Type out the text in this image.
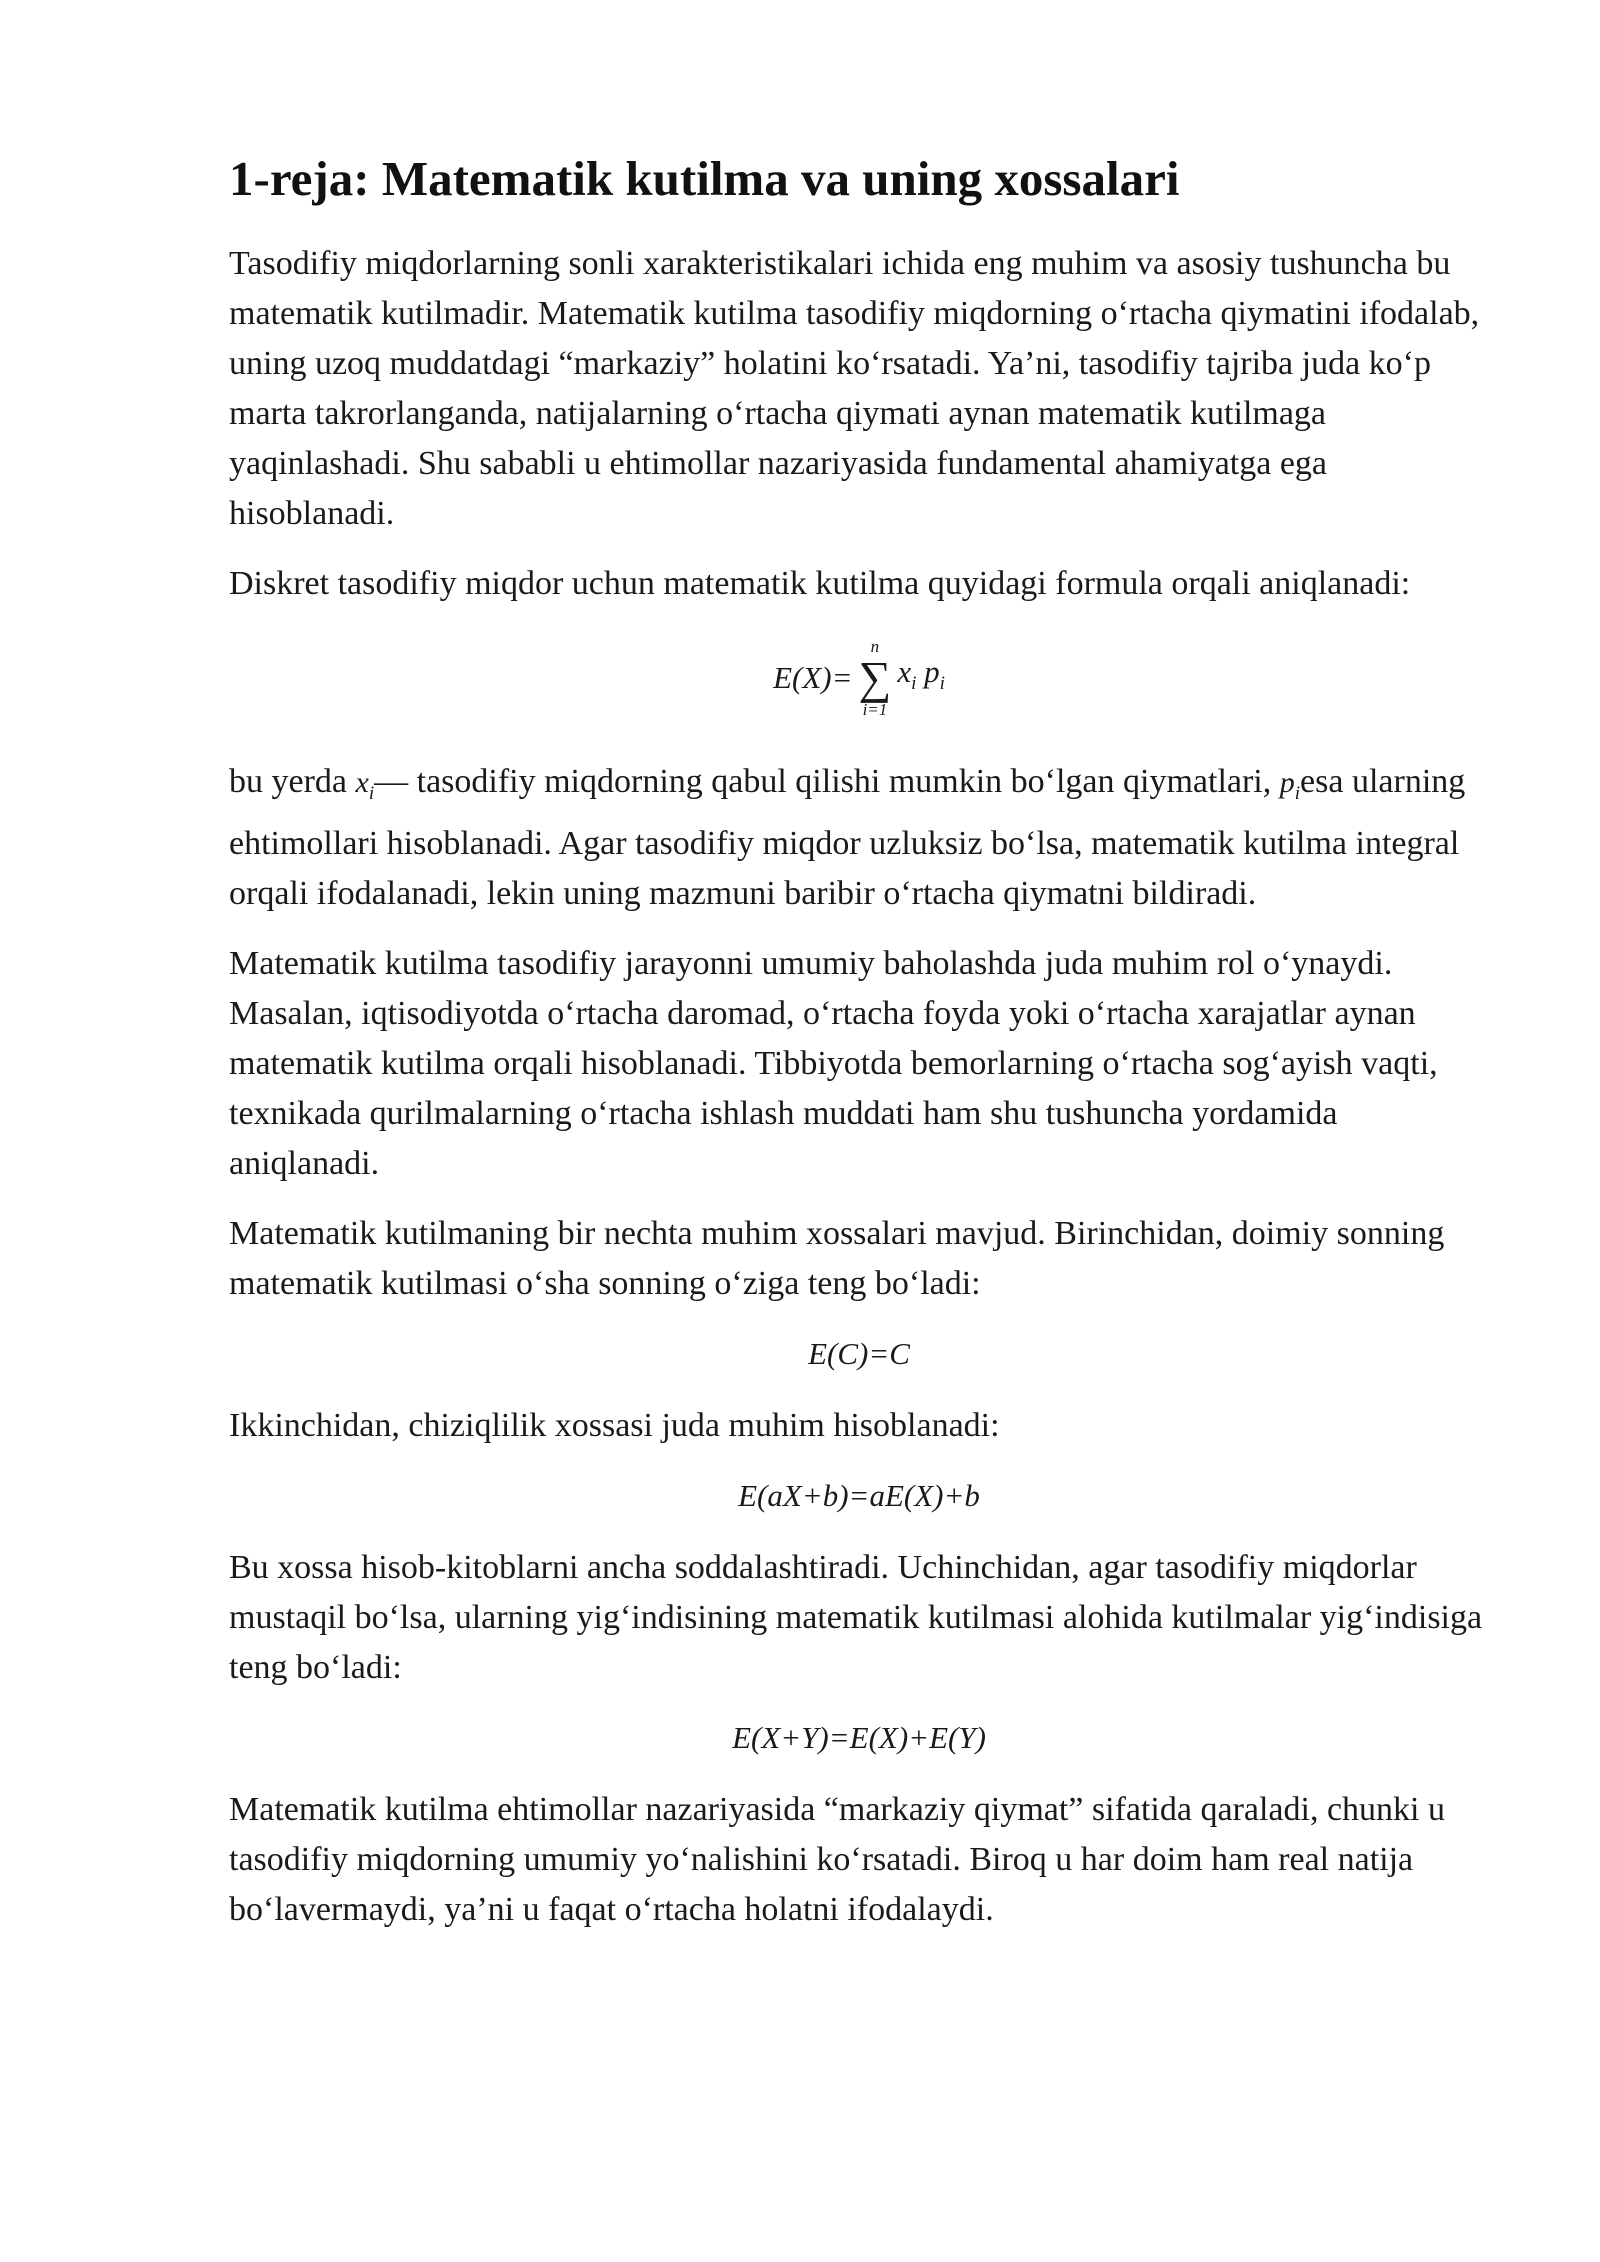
1-reja: Matematik kutilma va uning xossalari

Tasodifiy miqdorlarning sonli xarakteristikalari ichida eng muhim va asosiy tushuncha bu matematik kutilmadir. Matematik kutilma tasodifiy miqdorning o‘rtacha qiymatini ifodalab, uning uzoq muddatdagi “markaziy” holatini ko‘rsatadi. Ya’ni, tasodifiy tajriba juda ko‘p marta takrorlanganda, natijalarning o‘rtacha qiymati aynan matematik kutilmaga yaqinlashadi. Shu sababli u ehtimollar nazariyasida fundamental ahamiyatga ega hisoblanadi.

Diskret tasodifiy miqdor uchun matematik kutilma quyidagi formula orqali aniqlanadi:

E(X)=
n
∑
i=1
$x_i$ $p_i$

bu yerda $x_i—$ tasodifiy miqdorning qabul qilishi mumkin bo‘lgan qiymatlari, $p_iesa$ ularning ehtimollari hisoblanadi. Agar tasodifiy miqdor uzluksiz bo‘lsa, matematik kutilma integral orqali ifodalanadi, lekin uning mazmuni baribir o‘rtacha qiymatni bildiradi.

Matematik kutilma tasodifiy jarayonni umumiy baholashda juda muhim rol o‘ynaydi. Masalan, iqtisodiyotda o‘rtacha daromad, o‘rtacha foyda yoki o‘rtacha xarajatlar aynan matematik kutilma orqali hisoblanadi. Tibbiyotda bemorlarning o‘rtacha sog‘ayish vaqti, texnikada qurilmalarning o‘rtacha ishlash muddati ham shu tushuncha yordamida aniqlanadi.

Matematik kutilmaning bir nechta muhim xossalari mavjud. Birinchidan, doimiy sonning matematik kutilmasi o‘sha sonning o‘ziga teng bo‘ladi:

E(C)=C

Ikkinchidan, chiziqlilik xossasi juda muhim hisoblanadi:

E(aX+b)=aE(X)+b

Bu xossa hisob-kitoblarni ancha soddalashtiradi. Uchinchidan, agar tasodifiy miqdorlar mustaqil bo‘lsa, ularning yig‘indisining matematik kutilmasi alohida kutilmalar yig‘indisiga teng bo‘ladi:

E(X+Y)=E(X)+E(Y)

Matematik kutilma ehtimollar nazariyasida “markaziy qiymat” sifatida qaraladi, chunki u tasodifiy miqdorning umumiy yo‘nalishini ko‘rsatadi. Biroq u har doim ham real natija bo‘lavermaydi, ya’ni u faqat o‘rtacha holatni ifodalaydi.
